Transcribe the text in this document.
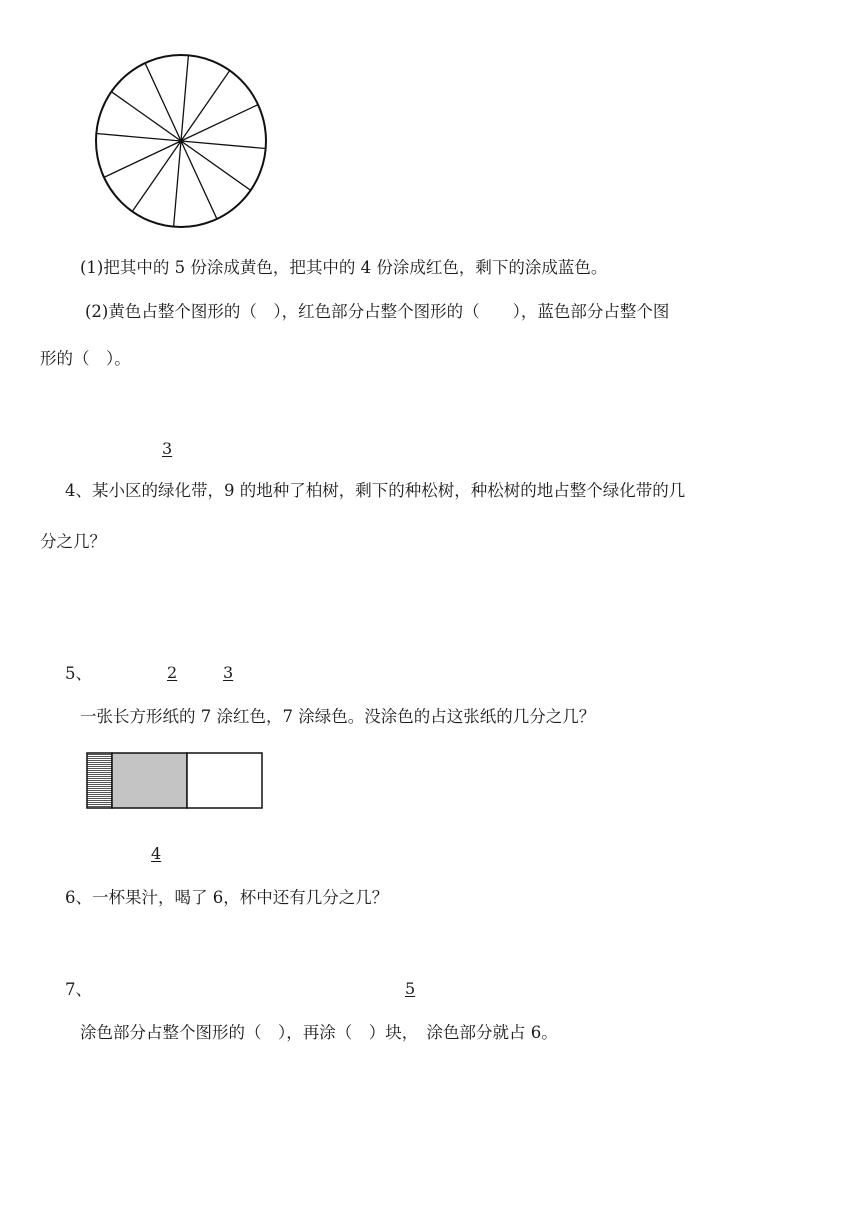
(1)把其中的 5 份涂成黄色，把其中的 4 份涂成红色，剩下的涂成蓝色。
(2)黄色占整个图形的（　），红色部分占整个图形的（　　），蓝色部分占整个图
形的（　）。
3
4、某小区的绿化带，9 的地种了柏树，剩下的种松树，种松树的地占整个绿化带的几
分之几？
5、	2	3
一张长方形纸的 7 涂红色，7 涂绿色。没涂色的占这张纸的几分之几？
4
6、一杯果汁，喝了 6，杯中还有几分之几？
7、	5
涂色部分占整个图形的（　），再涂（　）块，　涂色部分就占 6。
